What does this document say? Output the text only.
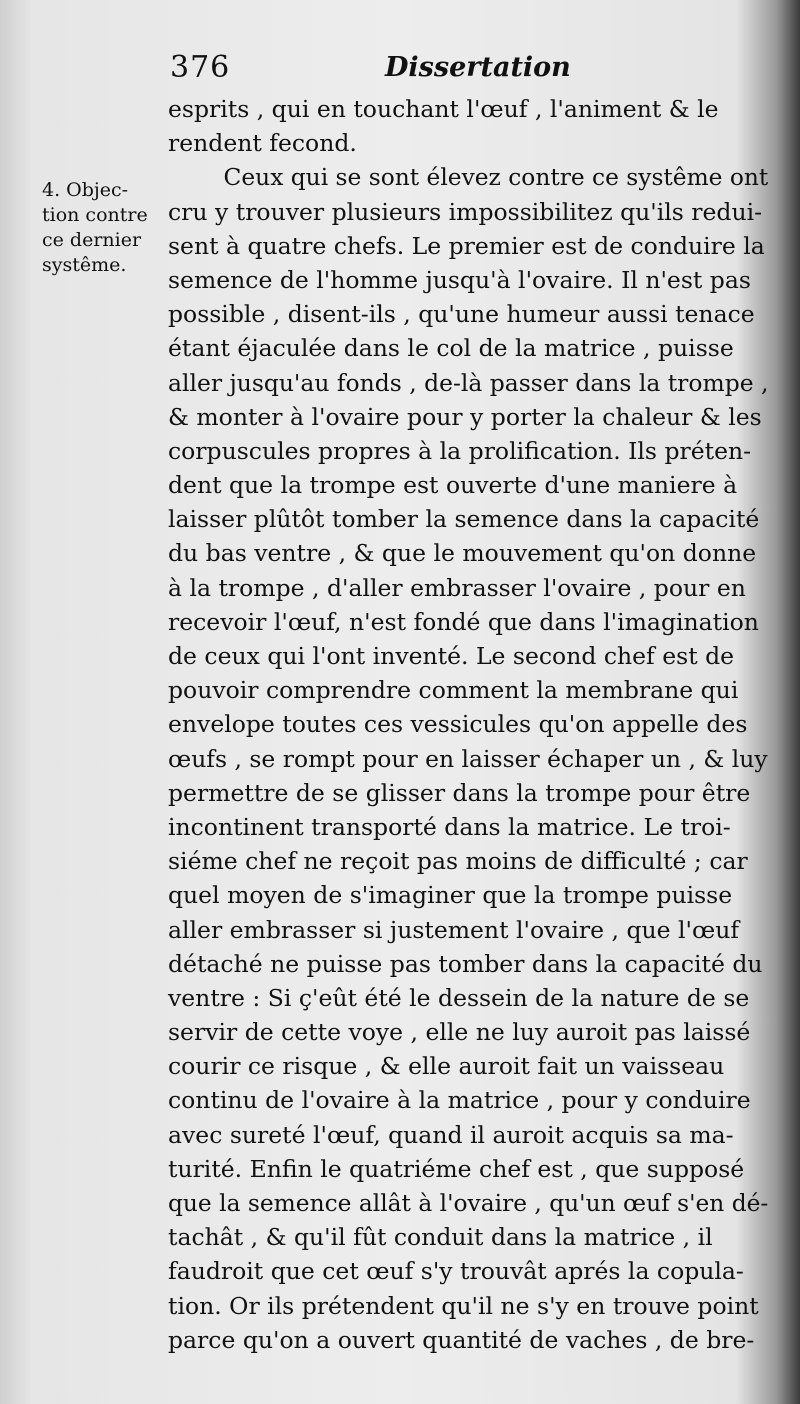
376	Dissertation
4. Objec-
tion contre
ce dernier
systême.
esprits , qui en touchant l'œuf , l'animent & le
rendent fecond.
Ceux qui se sont élevez contre ce systême ont
cru y trouver plusieurs impossibilitez qu'ils redui-
sent à quatre chefs. Le premier est de conduire la
semence de l'homme jusqu'à l'ovaire. Il n'est pas
possible , disent-ils , qu'une humeur aussi tenace
étant éjaculée dans le col de la matrice , puisse
aller jusqu'au fonds , de-là passer dans la trompe ,
& monter à l'ovaire pour y porter la chaleur & les
corpuscules propres à la prolification. Ils préten-
dent que la trompe est ouverte d'une maniere à
laisser plûtôt tomber la semence dans la capacité
du bas ventre , & que le mouvement qu'on donne
à la trompe , d'aller embrasser l'ovaire , pour en
recevoir l'œuf, n'est fondé que dans l'imagination
de ceux qui l'ont inventé. Le second chef est de
pouvoir comprendre comment la membrane qui
envelope toutes ces vessicules qu'on appelle des
œufs , se rompt pour en laisser échaper un , & luy
permettre de se glisser dans la trompe pour être
incontinent transporté dans la matrice. Le troi-
siéme chef ne reçoit pas moins de difficulté ; car
quel moyen de s'imaginer que la trompe puisse
aller embrasser si justement l'ovaire , que l'œuf
détaché ne puisse pas tomber dans la capacité du
ventre : Si ç'eût été le dessein de la nature de se
servir de cette voye , elle ne luy auroit pas laissé
courir ce risque , & elle auroit fait un vaisseau
continu de l'ovaire à la matrice , pour y conduire
avec sureté l'œuf, quand il auroit acquis sa ma-
turité. Enfin le quatriéme chef est , que supposé
que la semence allât à l'ovaire , qu'un œuf s'en dé-
tachât , & qu'il fût conduit dans la matrice , il
faudroit que cet œuf s'y trouvât aprés la copula-
tion. Or ils prétendent qu'il ne s'y en trouve point
parce qu'on a ouvert quantité de vaches , de bre-
